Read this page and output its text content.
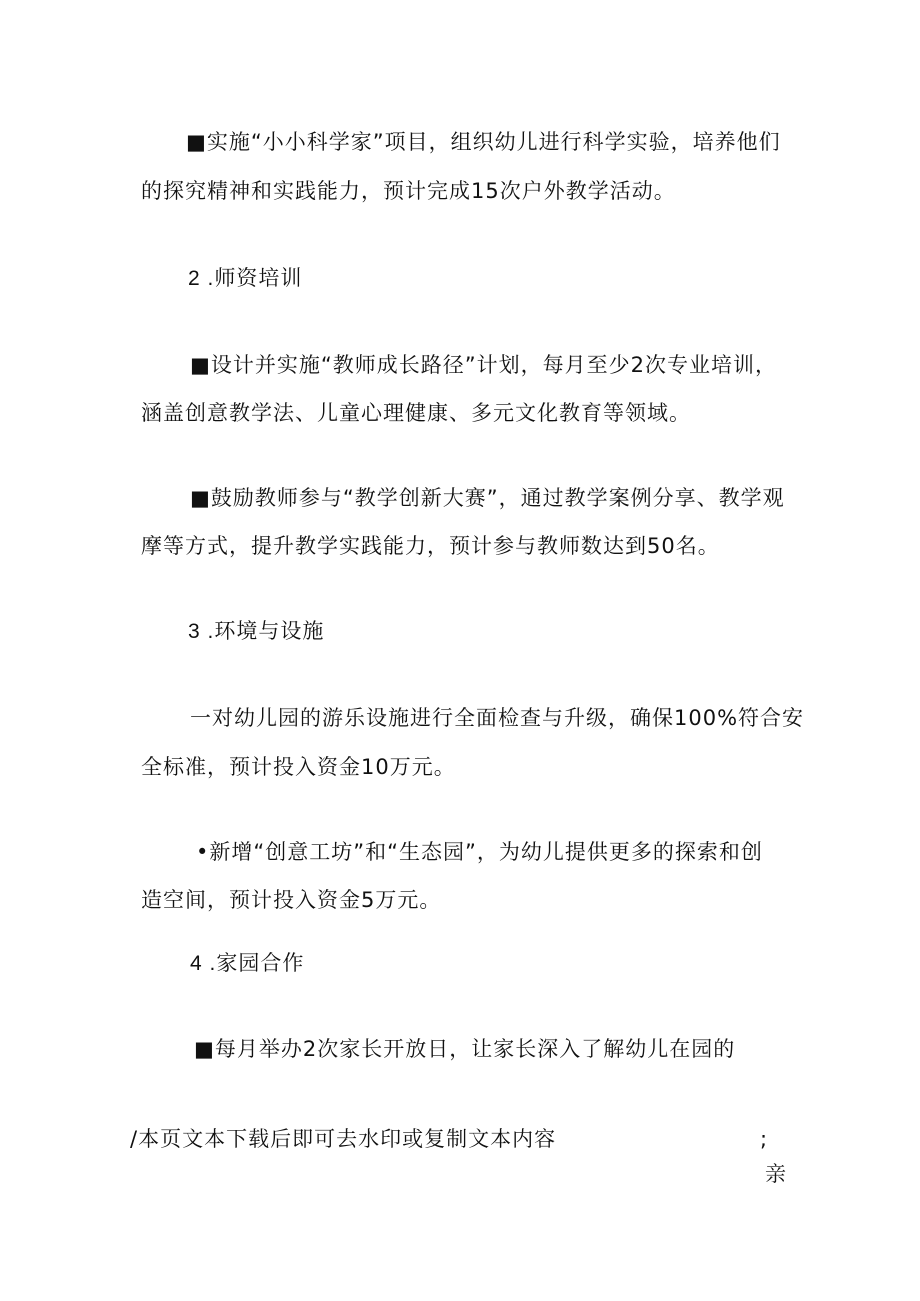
■实施“小小科学家”项目，组织幼儿进行科学实验，培养他们
的探究精神和实践能力，预计完成15次户外教学活动。
2 .师资培训
■设计并实施“教师成长路径”计划，每月至少2次专业培训，
涵盖创意教学法、儿童心理健康、多元文化教育等领域。
■鼓励教师参与“教学创新大赛”，通过教学案例分享、教学观
摩等方式，提升教学实践能力，预计参与教师数达到50名。
3 .环境与设施
一对幼儿园的游乐设施进行全面检查与升级，确保100%符合安
全标准，预计投入资金10万元。
•新增“创意工坊”和“生态园”，为幼儿提供更多的探索和创
造空间，预计投入资金5万元。
4 .家园合作
■每月举办2次家长开放日，让家长深入了解幼儿在园的
/本页文本下载后即可去水印或复制文本内容	;
亲
